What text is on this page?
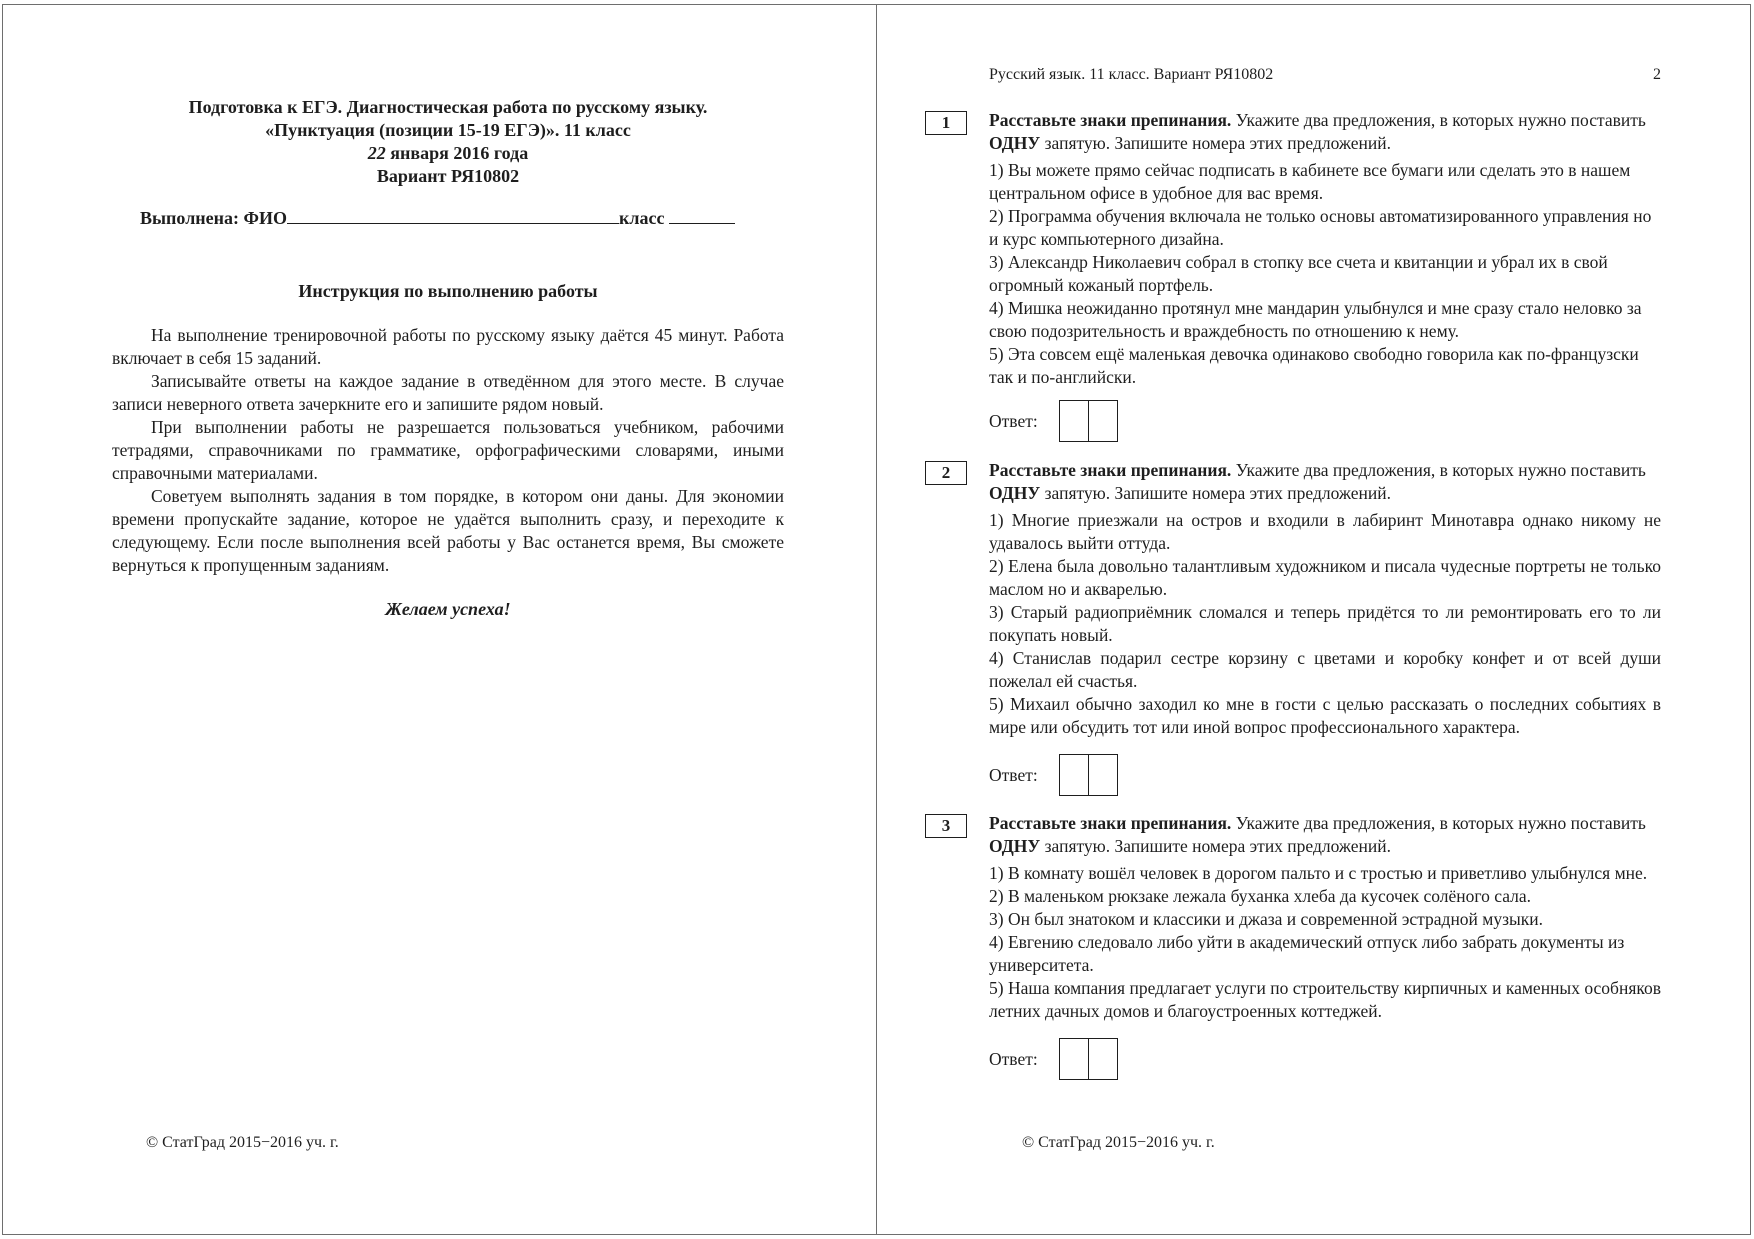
Подготовка к ЕГЭ. Диагностическая работа по русскому языку.
«Пунктуация (позиции 15-19 ЕГЭ)». 11 класс
22 января 2016 года
Вариант РЯ10802
Выполнена: ФИО	класс
Инструкция по выполнению работы

На выполнение тренировочной работы по русскому языку даётся 45 минут. Работа включает в себя 15 заданий.

Записывайте ответы на каждое задание в отведённом для этого месте. В случае записи неверного ответа зачеркните его и запишите рядом новый.

При выполнении работы не разрешается пользоваться учебником, рабочими тетрадями, справочниками по грамматике, орфографическими словарями, иными справочными материалами.

Советуем выполнять задания в том порядке, в котором они даны. Для экономии времени пропускайте задание, которое не удаётся выполнить сразу, и переходите к следующему. Если после выполнения всей работы у Вас останется время, Вы сможете вернуться к пропущенным заданиям.

Желаем успеха!
© СтатГрад 2015−2016 уч. г.
Русский язык. 11 класс. Вариант РЯ10802	2
1	Расставьте знаки препинания. Укажите два предложения, в которых нужно поставить ОДНУ запятую. Запишите номера этих предложений.

1) Вы можете прямо сейчас подписать в кабинете все бумаги или сделать это в нашем центральном офисе в удобное для вас время.

2) Программа обучения включала не только основы автоматизированного управления но и курс компьютерного дизайна.

3) Александр Николаевич собрал в стопку все счета и квитанции и убрал их в свой огромный кожаный портфель.

4) Мишка неожиданно протянул мне мандарин улыбнулся и мне сразу стало неловко за свою подозрительность и враждебность по отношению к нему.

5) Эта совсем ещё маленькая девочка одинаково свободно говорила как по-французски так и по-английски.

Ответ:
2	Расставьте знаки препинания. Укажите два предложения, в которых нужно поставить ОДНУ запятую. Запишите номера этих предложений.

1) Многие приезжали на остров и входили в лабиринт Минотавра однако никому не удавалось выйти оттуда.

2) Елена была довольно талантливым художником и писала чудесные портреты не только маслом но и акварелью.

3) Старый радиоприёмник сломался и теперь придётся то ли ремонтировать его то ли покупать новый.

4) Станислав подарил сестре корзину с цветами и коробку конфет и от всей души пожелал ей счастья.

5) Михаил обычно заходил ко мне в гости с целью рассказать о последних событиях в мире или обсудить тот или иной вопрос профессионального характера.

Ответ:
3	Расставьте знаки препинания. Укажите два предложения, в которых нужно поставить ОДНУ запятую. Запишите номера этих предложений.

1) В комнату вошёл человек в дорогом пальто и с тростью и приветливо улыбнулся мне.

2) В маленьком рюкзаке лежала буханка хлеба да кусочек солёного сала.

3) Он был знатоком и классики и джаза и современной эстрадной музыки.

4) Евгению следовало либо уйти в академический отпуск либо забрать документы из университета.

5) Наша компания предлагает услуги по строительству кирпичных и каменных особняков летних дачных домов и благоустроенных коттеджей.

Ответ:
© СтатГрад 2015−2016 уч. г.
